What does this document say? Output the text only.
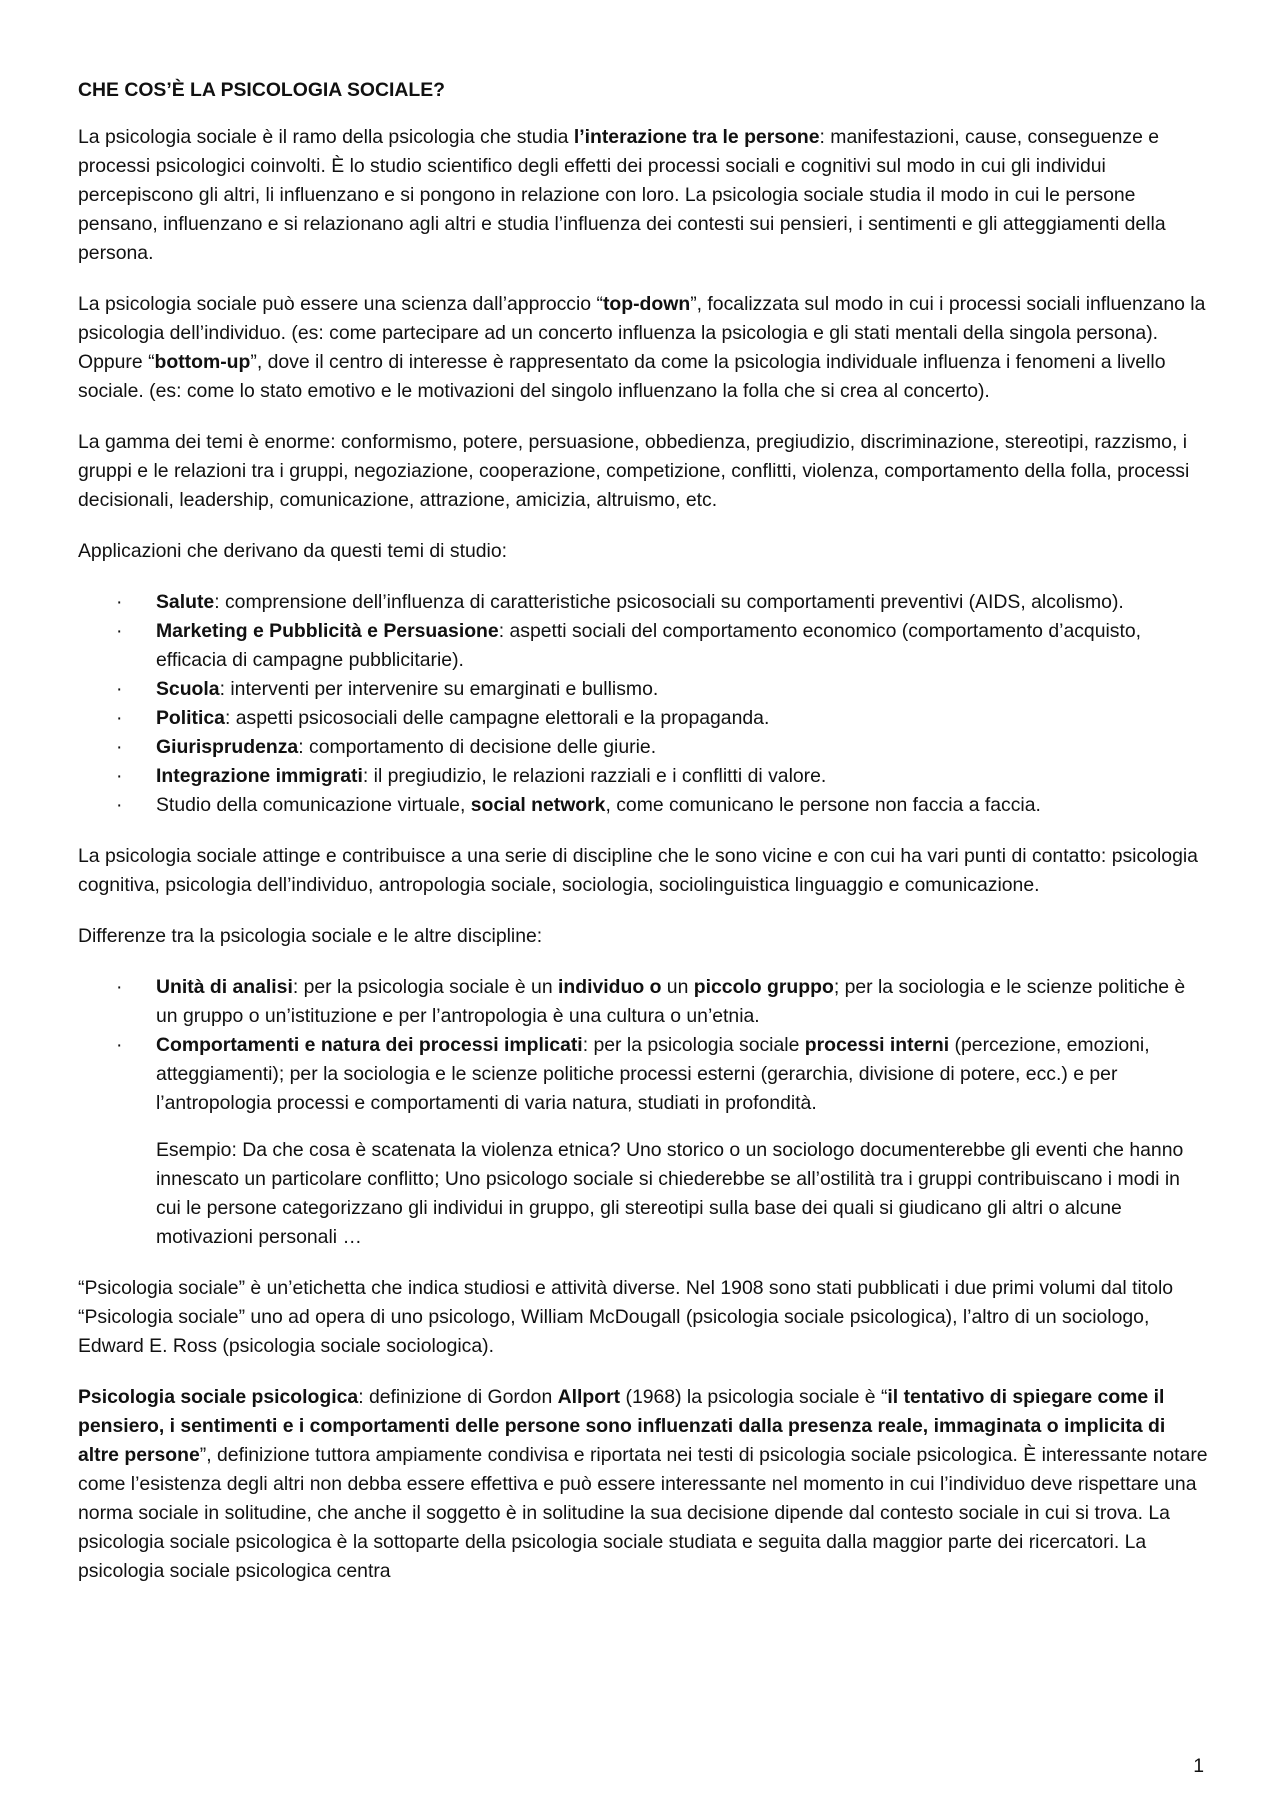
CHE COS’È LA PSICOLOGIA SOCIALE?

La psicologia sociale è il ramo della psicologia che studia l’interazione tra le persone: manifestazioni, cause, conseguenze e processi psicologici coinvolti. È lo studio scientifico degli effetti dei processi sociali e cognitivi sul modo in cui gli individui percepiscono gli altri, li influenzano e si pongono in relazione con loro. La psicologia sociale studia il modo in cui le persone pensano, influenzano e si relazionano agli altri e studia l’influenza dei contesti sui pensieri, i sentimenti e gli atteggiamenti della persona.

La psicologia sociale può essere una scienza dall’approccio “top-down”, focalizzata sul modo in cui i processi sociali influenzano la psicologia dell’individuo. (es: come partecipare ad un concerto influenza la psicologia e gli stati mentali della singola persona). Oppure “bottom-up”, dove il centro di interesse è rappresentato da come la psicologia individuale influenza i fenomeni a livello sociale. (es: come lo stato emotivo e le motivazioni del singolo influenzano la folla che si crea al concerto).

La gamma dei temi è enorme: conformismo, potere, persuasione, obbedienza, pregiudizio, discriminazione, stereotipi, razzismo, i gruppi e le relazioni tra i gruppi, negoziazione, cooperazione, competizione, conflitti, violenza, comportamento della folla, processi decisionali, leadership, comunicazione, attrazione, amicizia, altruismo, etc.

Applicazioni che derivano da questi temi di studio:

· Salute: comprensione dell’influenza di caratteristiche psicosociali su comportamenti preventivi (AIDS, alcolismo).
· Marketing e Pubblicità e Persuasione: aspetti sociali del comportamento economico (comportamento d’acquisto, efficacia di campagne pubblicitarie).
· Scuola: interventi per intervenire su emarginati e bullismo.
· Politica: aspetti psicosociali delle campagne elettorali e la propaganda.
· Giurisprudenza: comportamento di decisione delle giurie.
· Integrazione immigrati: il pregiudizio, le relazioni razziali e i conflitti di valore.
· Studio della comunicazione virtuale, social network, come comunicano le persone non faccia a faccia.

La psicologia sociale attinge e contribuisce a una serie di discipline che le sono vicine e con cui ha vari punti di contatto: psicologia cognitiva, psicologia dell’individuo, antropologia sociale, sociologia, sociolinguistica linguaggio e comunicazione.

Differenze tra la psicologia sociale e le altre discipline:

· Unità di analisi: per la psicologia sociale è un individuo o un piccolo gruppo; per la sociologia e le scienze politiche è un gruppo o un’istituzione e per l’antropologia è una cultura o un’etnia.
· Comportamenti e natura dei processi implicati: per la psicologia sociale processi interni (percezione, emozioni, atteggiamenti); per la sociologia e le scienze politiche processi esterni (gerarchia, divisione di potere, ecc.) e per l’antropologia processi e comportamenti di varia natura, studiati in profondità.

Esempio: Da che cosa è scatenata la violenza etnica? Uno storico o un sociologo documenterebbe gli eventi che hanno innescato un particolare conflitto; Uno psicologo sociale si chiederebbe se all’ostilità tra i gruppi contribuiscano i modi in cui le persone categorizzano gli individui in gruppo, gli stereotipi sulla base dei quali si giudicano gli altri o alcune motivazioni personali …

“Psicologia sociale” è un’etichetta che indica studiosi e attività diverse. Nel 1908 sono stati pubblicati i due primi volumi dal titolo “Psicologia sociale” uno ad opera di uno psicologo, William McDougall (psicologia sociale psicologica), l’altro di un sociologo, Edward E. Ross (psicologia sociale sociologica).

Psicologia sociale psicologica: definizione di Gordon Allport (1968) la psicologia sociale è “il tentativo di spiegare come il pensiero, i sentimenti e i comportamenti delle persone sono influenzati dalla presenza reale, immaginata o implicita di altre persone”, definizione tuttora ampiamente condivisa e riportata nei testi di psicologia sociale psicologica. È interessante notare come l’esistenza degli altri non debba essere effettiva e può essere interessante nel momento in cui l’individuo deve rispettare una norma sociale in solitudine, che anche il soggetto è in solitudine la sua decisione dipende dal contesto sociale in cui si trova. La psicologia sociale psicologica è la sottoparte della psicologia sociale studiata e seguita dalla maggior parte dei ricercatori. La psicologia sociale psicologica centra

1
